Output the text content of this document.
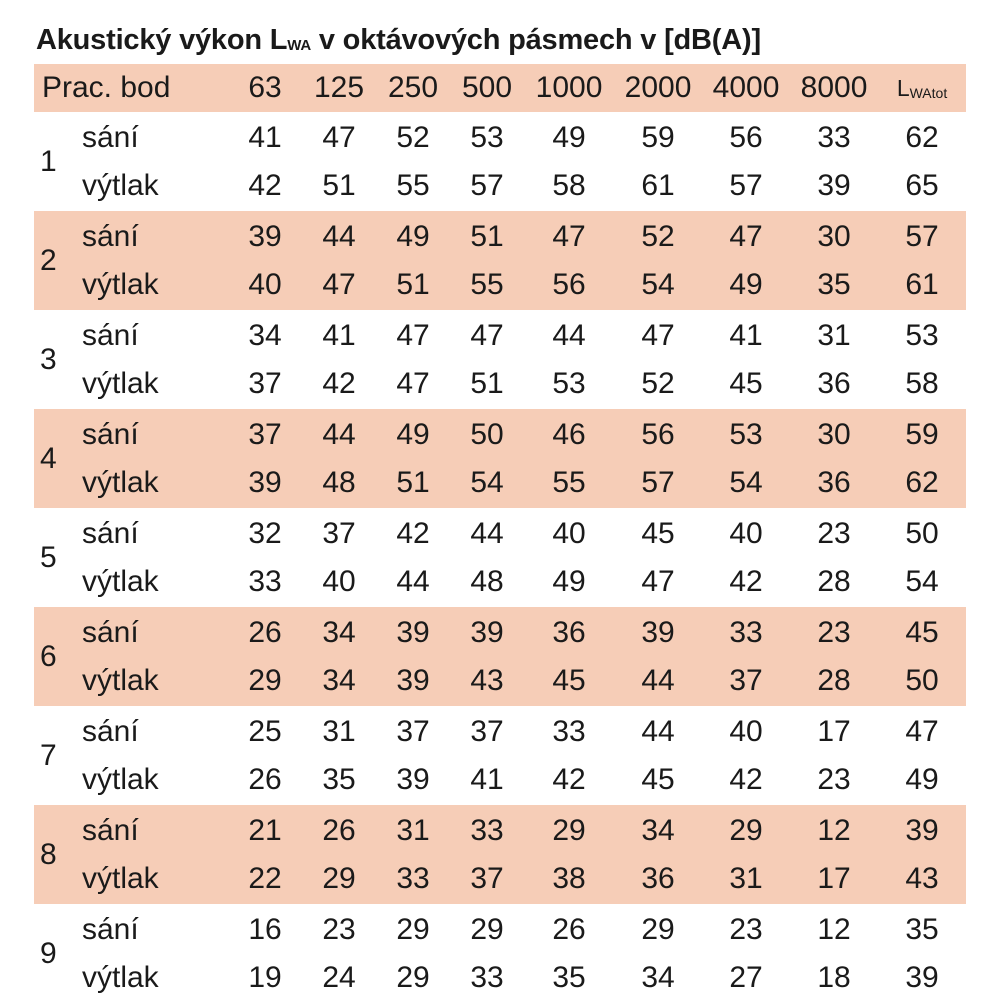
Akustický výkon LWA v oktávových pásmech v [dB(A)]
Prac. bod		63	125	250	500	1000	2000	4000	8000	LWAtot
1	sání	41	47	52	53	49	59	56	33	62
	výtlak	42	51	55	57	58	61	57	39	65
2	sání	39	44	49	51	47	52	47	30	57
	výtlak	40	47	51	55	56	54	49	35	61
3	sání	34	41	47	47	44	47	41	31	53
	výtlak	37	42	47	51	53	52	45	36	58
4	sání	37	44	49	50	46	56	53	30	59
	výtlak	39	48	51	54	55	57	54	36	62
5	sání	32	37	42	44	40	45	40	23	50
	výtlak	33	40	44	48	49	47	42	28	54
6	sání	26	34	39	39	36	39	33	23	45
	výtlak	29	34	39	43	45	44	37	28	50
7	sání	25	31	37	37	33	44	40	17	47
	výtlak	26	35	39	41	42	45	42	23	49
8	sání	21	26	31	33	29	34	29	12	39
	výtlak	22	29	33	37	38	36	31	17	43
9	sání	16	23	29	29	26	29	23	12	35
	výtlak	19	24	29	33	35	34	27	18	39
